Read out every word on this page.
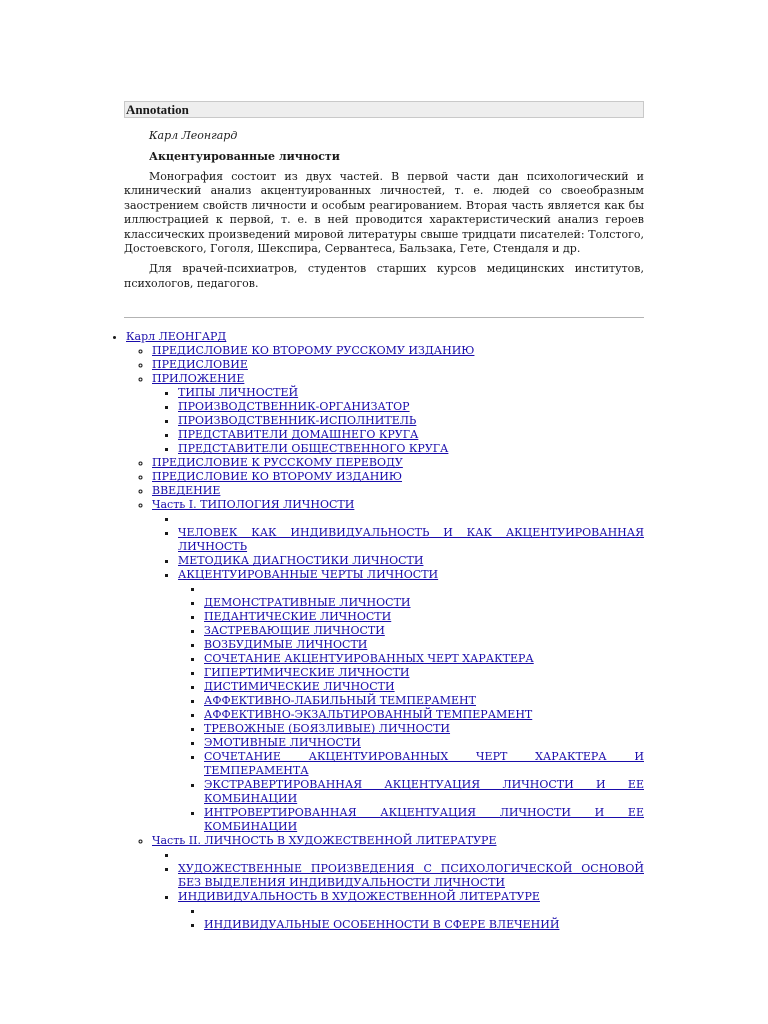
Annotation
Карл Леонгард
Акцентуированные личности

Монография состоит из двух частей. В первой части дан психологический и клинический анализ акцентуированных личностей, т. е. людей со своеобразным заострением свойств личности и особым реагированием. Вторая часть является как бы иллюстрацией к первой, т. е. в ней проводится характеристический анализ героев классических произведений мировой литературы свыше тридцати писателей: Толстого, Достоевского, Гоголя, Шекспира, Сервантеса, Бальзака, Гете, Стендаля и др.

Для врачей-психиатров, студентов старших курсов медицинских институтов, психологов, педагогов.

• Карл ЛЕОНГАРД
◦ ПРЕДИСЛОВИЕ КО ВТОРОМУ РУССКОМУ ИЗДАНИЮ
◦ ПРЕДИСЛОВИЕ
◦ ПРИЛОЖЕНИЕ
▪ ТИПЫ ЛИЧНОСТЕЙ
▪ ПРОИЗВОДСТВЕННИК-ОРГАНИЗАТОР
▪ ПРОИЗВОДСТВЕННИК-ИСПОЛНИТЕЛЬ
▪ ПРЕДСТАВИТЕЛИ ДОМАШНЕГО КРУГА
▪ ПРЕДСТАВИТЕЛИ ОБЩЕСТВЕННОГО КРУГА
◦ ПРЕДИСЛОВИЕ К РУССКОМУ ПЕРЕВОДУ
◦ ПРЕДИСЛОВИЕ КО ВТОРОМУ ИЗДАНИЮ
◦ ВВЕДЕНИЕ
◦ Часть I. ТИПОЛОГИЯ ЛИЧНОСТИ
▪
▪ ЧЕЛОВЕК КАК ИНДИВИДУАЛЬНОСТЬ И КАК АКЦЕНТУИРОВАННАЯ ЛИЧНОСТЬ
▪ МЕТОДИКА ДИАГНОСТИКИ ЛИЧНОСТИ
▪ АКЦЕНТУИРОВАННЫЕ ЧЕРТЫ ЛИЧНОСТИ
▪
▪ ДЕМОНСТРАТИВНЫЕ ЛИЧНОСТИ
▪ ПЕДАНТИЧЕСКИЕ ЛИЧНОСТИ
▪ ЗАСТРЕВАЮЩИЕ ЛИЧНОСТИ
▪ ВОЗБУДИМЫЕ ЛИЧНОСТИ
▪ СОЧЕТАНИЕ АКЦЕНТУИРОВАННЫХ ЧЕРТ ХАРАКТЕРА
▪ ГИПЕРТИМИЧЕСКИЕ ЛИЧНОСТИ
▪ ДИСТИМИЧЕСКИЕ ЛИЧНОСТИ
▪ АФФЕКТИВНО-ЛАБИЛЬНЫЙ ТЕМПЕРАМЕНТ
▪ АФФЕКТИВНО-ЭКЗАЛЬТИРОВАННЫЙ ТЕМПЕРАМЕНТ
▪ ТРЕВОЖНЫЕ (БОЯЗЛИВЫЕ) ЛИЧНОСТИ
▪ ЭМОТИВНЫЕ ЛИЧНОСТИ
▪ СОЧЕТАНИЕ АКЦЕНТУИРОВАННЫХ ЧЕРТ ХАРАКТЕРА И ТЕМПЕРАМЕНТА
▪ ЭКСТРАВЕРТИРОВАННАЯ АКЦЕНТУАЦИЯ ЛИЧНОСТИ И ЕЕ КОМБИНАЦИИ
▪ ИНТРОВЕРТИРОВАННАЯ АКЦЕНТУАЦИЯ ЛИЧНОСТИ И ЕЕ КОМБИНАЦИИ
◦ Часть II. ЛИЧНОСТЬ В ХУДОЖЕСТВЕННОЙ ЛИТЕРАТУРЕ
▪
▪ ХУДОЖЕСТВЕННЫЕ ПРОИЗВЕДЕНИЯ С ПСИХОЛОГИЧЕСКОЙ ОСНОВОЙ БЕЗ ВЫДЕЛЕНИЯ ИНДИВИДУАЛЬНОСТИ ЛИЧНОСТИ
▪ ИНДИВИДУАЛЬНОСТЬ В ХУДОЖЕСТВЕННОЙ ЛИТЕРАТУРЕ
▪
▪ ИНДИВИДУАЛЬНЫЕ ОСОБЕННОСТИ В СФЕРЕ ВЛЕЧЕНИЙ
